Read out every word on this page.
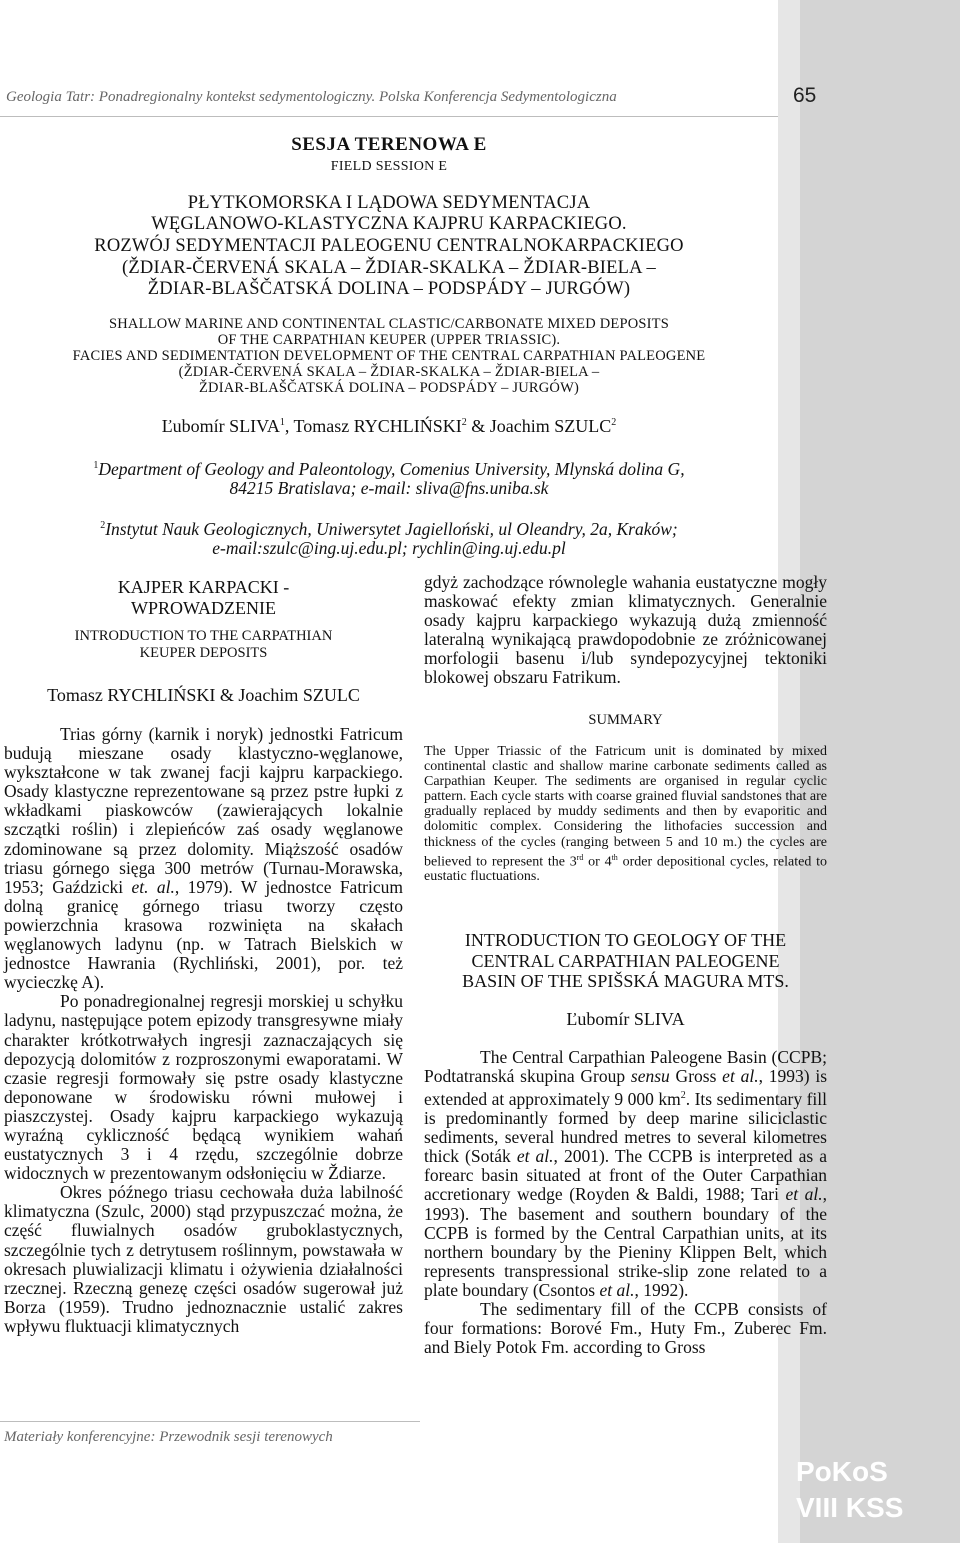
Geologia Tatr: Ponadregionalny kontekst sedymentologiczny. Polska Konferencja Sedymentologiczna	65
SESJA TERENOWA E
FIELD SESSION E
PŁYTKOMORSKA I LĄDOWA SEDYMENTACJA
WĘGLANOWO-KLASTYCZNA KAJPRU KARPACKIEGO.
ROZWÓJ SEDYMENTACJI PALEOGENU CENTRALNOKARPACKIEGO
(ŽDIAR-ČERVENÁ SKALA – ŽDIAR-SKALKA – ŽDIAR-BIELA –
ŽDIAR-BLAŠČATSKÁ DOLINA – PODSPÁDY – JURGÓW)
SHALLOW MARINE AND CONTINENTAL CLASTIC/CARBONATE MIXED DEPOSITS
OF THE CARPATHIAN KEUPER (UPPER TRIASSIC).
FACIES AND SEDIMENTATION DEVELOPMENT OF THE CENTRAL CARPATHIAN PALEOGENE
(ŽDIAR-ČERVENÁ SKALA – ŽDIAR-SKALKA – ŽDIAR-BIELA –
ŽDIAR-BLAŠČATSKÁ DOLINA – PODSPÁDY – JURGÓW)
Ľubomír SLIVA$^1$, Tomasz RYCHLIŃSKI$^2$ & Joachim SZULC$^2$
$^1$Department of Geology and Paleontology, Comenius University, Mlynská dolina G,
84215 Bratislava; e-mail: sliva@fns.uniba.sk
$^2$Instytut Nauk Geologicznych, Uniwersytet Jagielloński, ul Oleandry, 2a, Kraków;
e-mail:szulc@ing.uj.edu.pl; rychlin@ing.uj.edu.pl
KAJPER KARPACKI -
WPROWADZENIE
INTRODUCTION TO THE CARPATHIAN
KEUPER DEPOSITS
Tomasz RYCHLIŃSKI & Joachim SZULC

Trias górny (karnik i noryk) jednostki Fatricum budują mieszane osady klastyczno-węglanowe, wykształcone w tak zwanej facji kajpru karpackiego. Osady klastyczne reprezentowane są przez pstre łupki z wkładkami piaskowców (zawierających lokalnie szczątki roślin) i zlepieńców zaś osady węglanowe zdominowane są przez dolomity. Miąższość osadów triasu górnego sięga 300 metrów (Turnau-Morawska, 1953; Gaździcki et. al., 1979). W jednostce Fatricum dolną granicę górnego triasu tworzy często powierzchnia krasowa rozwinięta na skałach węglanowych ladynu (np. w Tatrach Bielskich w jednostce Hawrania (Rychliński, 2001), por. też wycieczkę A).

Po ponadregionalnej regresji morskiej u schyłku ladynu, następujące potem epizody transgresywne miały charakter krótkotrwałych ingresji zaznaczających się depozycją dolomitów z rozproszonymi ewaporatami. W czasie regresji formowały się pstre osady klastyczne deponowane w środowisku równi mułowej i piaszczystej. Osady kajpru karpackiego wykazują wyraźną cykliczność będącą wynikiem wahań eustatycznych 3 i 4 rzędu, szczególnie dobrze widocznych w prezentowanym odsłonięciu w Ždiarze.

Okres późnego triasu cechowała duża labilność klimatyczna (Szulc, 2000) stąd przypuszczać można, że część fluwialnych osadów gruboklastycznych, szczególnie tych z detrytusem roślinnym, powstawała w okresach pluwializacji klimatu i ożywienia działalności rzecznej. Rzeczną genezę części osadów sugerował już Borza (1959). Trudno jednoznacznie ustalić zakres wpływu fluktuacji klimatycznych

gdyż zachodzące równolegle wahania eustatyczne mogły maskować efekty zmian klimatycznych. Generalnie osady kajpru karpackiego wykazują dużą zmienność lateralną wynikającą prawdopodobnie ze zróżnicowanej morfologii basenu i/lub syndepozycyjnej tektoniki blokowej obszaru Fatrikum.
SUMMARY
The Upper Triassic of the Fatricum unit is dominated by mixed continental clastic and shallow marine carbonate sediments called as Carpathian Keuper. The sediments are organised in regular cyclic pattern. Each cycle starts with coarse grained fluvial sandstones that are gradually replaced by muddy sediments and then by evaporitic and dolomitic complex. Considering the lithofacies succession and thickness of the cycles (ranging between 5 and 10 m.) the cycles are believed to represent the 3rd or 4th order depositional cycles, related to eustatic fluctuations.
INTRODUCTION TO GEOLOGY OF THE
CENTRAL CARPATHIAN PALEOGENE
BASIN OF THE SPIŠSKÁ MAGURA MTS.
Ľubomír SLIVA

The Central Carpathian Paleogene Basin (CCPB; Podtatranská skupina Group sensu Gross et al., 1993) is extended at approximately 9 000 $km^2$. Its sedimentary fill is predominantly formed by deep marine siliciclastic sediments, several hundred metres to several kilometres thick (Soták et al., 2001). The CCPB is interpreted as a forearc basin situated at front of the Outer Carpathian accretionary wedge (Royden & Baldi, 1988; Tari et al., 1993). The basement and southern boundary of the CCPB is formed by the Central Carpathian units, at its northern boundary by the Pieniny Klippen Belt, which represents transpressional strike-slip zone related to a plate boundary (Csontos et al., 1992).

The sedimentary fill of the CCPB consists of four formations: Borové Fm., Huty Fm., Zuberec Fm. and Biely Potok Fm. according to Gross

Materiały konferencyjne: Przewodnik sesji terenowych
PoKoS
VIII KSS
